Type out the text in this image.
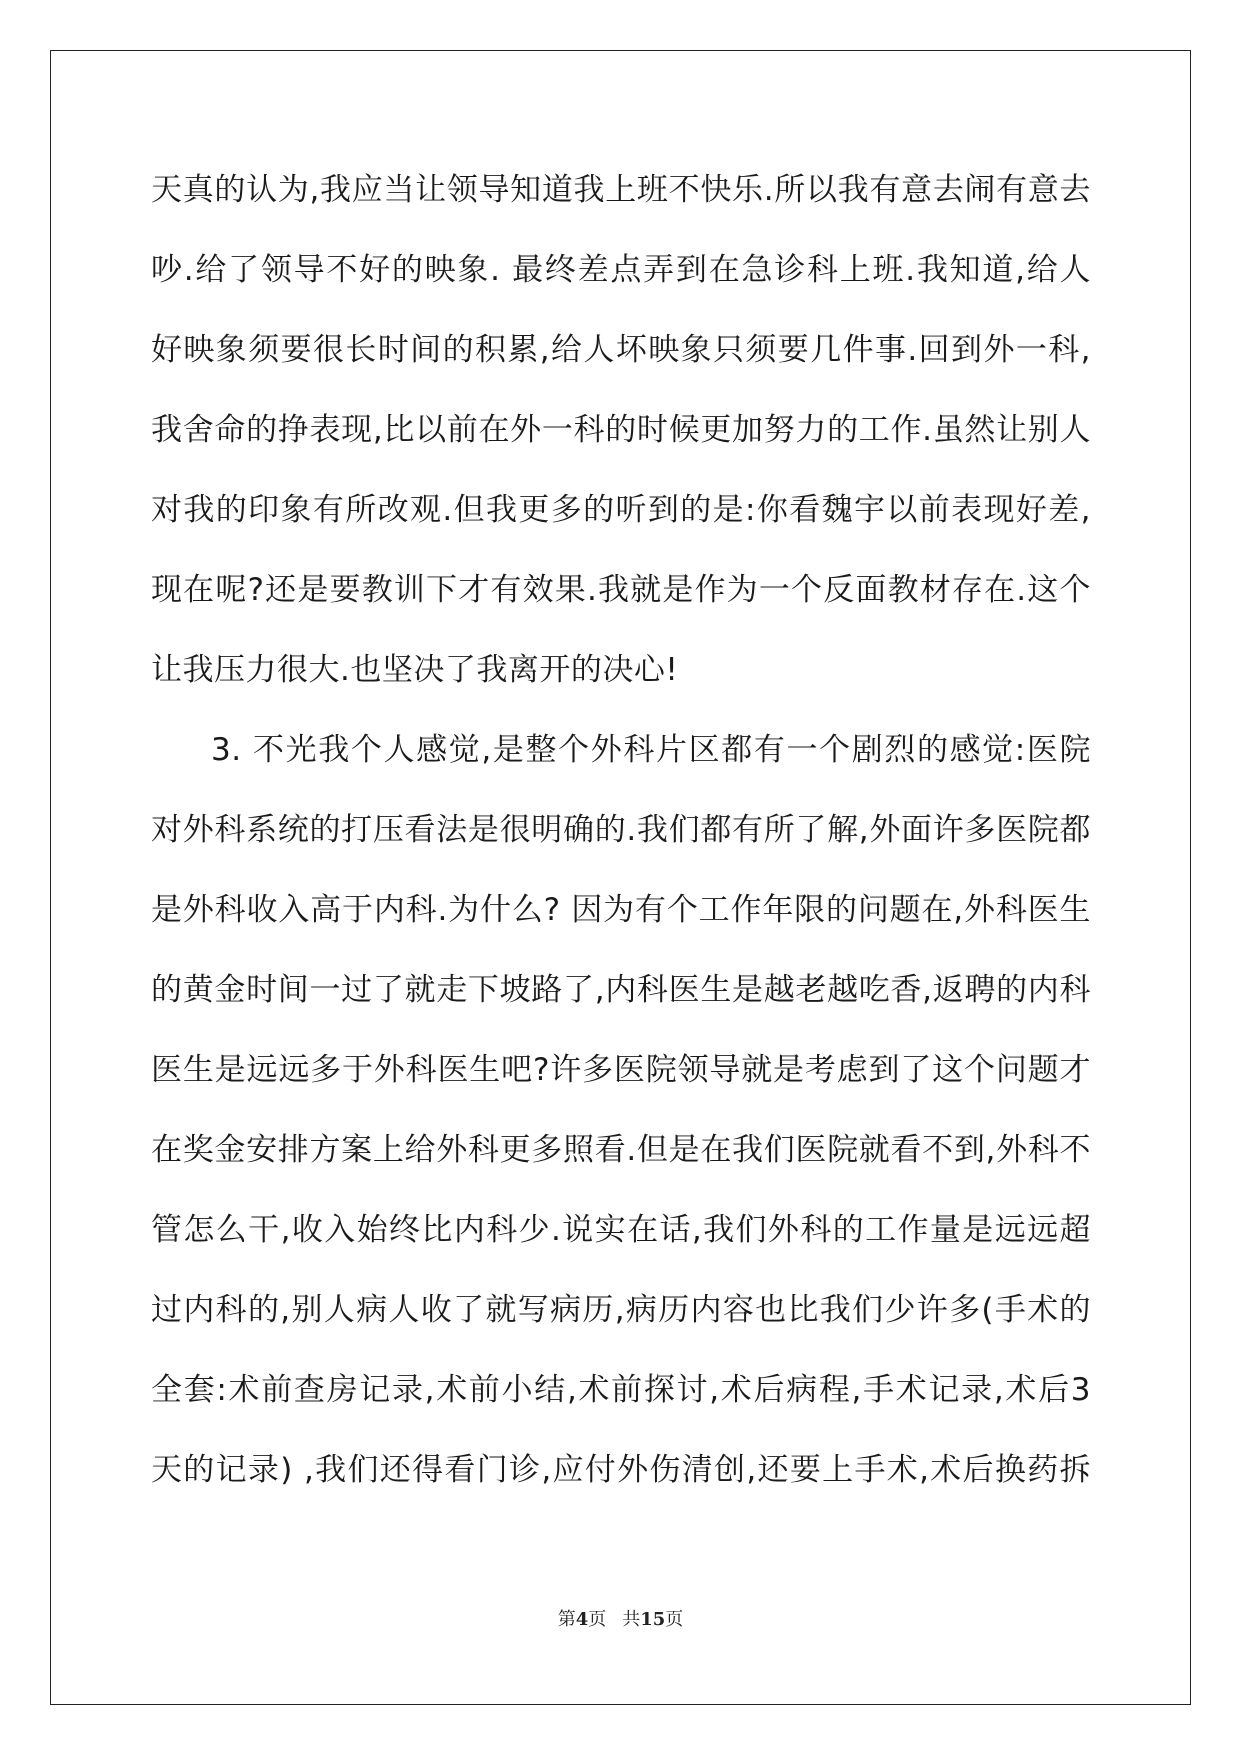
天真的认为,我应当让领导知道我上班不快乐.所以我有意去闹有意去
吵.给了领导不好的映象. 最终差点弄到在急诊科上班.我知道,给人
好映象须要很长时间的积累,给人坏映象只须要几件事.回到外一科,
我舍命的挣表现,比以前在外一科的时候更加努力的工作.虽然让别人
对我的印象有所改观.但我更多的听到的是:你看魏宇以前表现好差,
现在呢?还是要教训下才有效果.我就是作为一个反面教材存在.这个
让我压力很大.也坚决了我离开的决心!
3. 不光我个人感觉,是整个外科片区都有一个剧烈的感觉:医院
对外科系统的打压看法是很明确的.我们都有所了解,外面许多医院都
是外科收入高于内科.为什么? 因为有个工作年限的问题在,外科医生
的黄金时间一过了就走下坡路了,内科医生是越老越吃香,返聘的内科
医生是远远多于外科医生吧?许多医院领导就是考虑到了这个问题才
在奖金安排方案上给外科更多照看.但是在我们医院就看不到,外科不
管怎么干,收入始终比内科少.说实在话,我们外科的工作量是远远超
过内科的,别人病人收了就写病历,病历内容也比我们少许多(手术的
全套:术前查房记录,术前小结,术前探讨,术后病程,手术记录,术后3
天的记录) ,我们还得看门诊,应付外伤清创,还要上手术,术后换药拆
第4页 共15页
